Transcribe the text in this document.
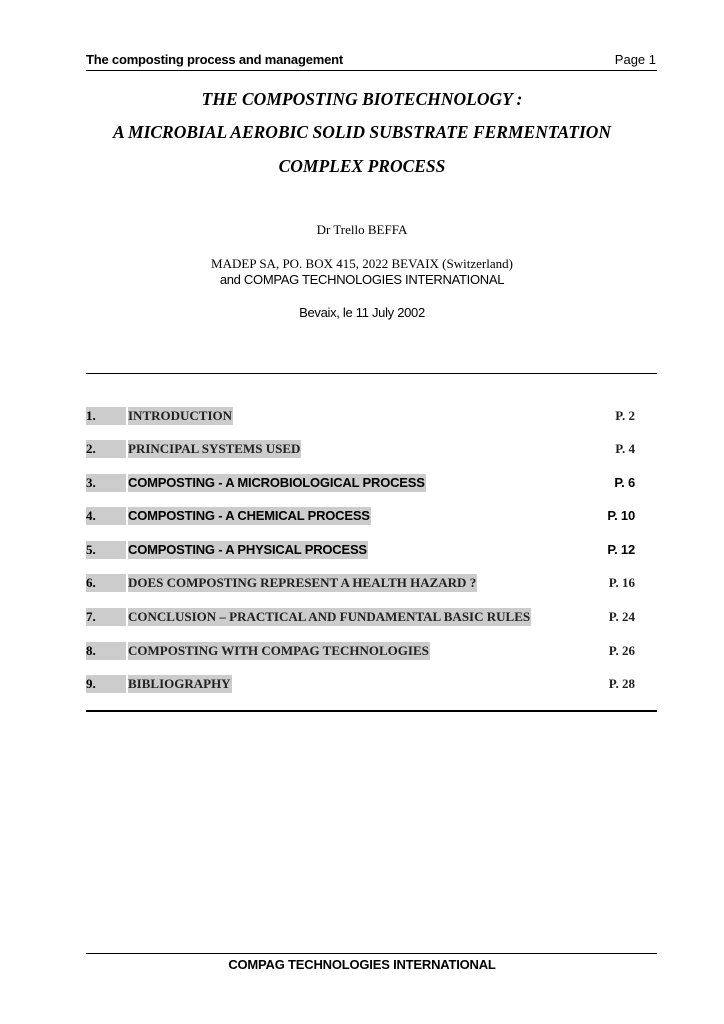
The composting process and management	Page 1
THE COMPOSTING BIOTECHNOLOGY :
A MICROBIAL AEROBIC SOLID SUBSTRATE FERMENTATION
COMPLEX PROCESS
Dr Trello BEFFA
MADEP SA, PO. BOX 415, 2022 BEVAIX (Switzerland)
and COMPAG TECHNOLOGIES INTERNATIONAL
Bevaix, le 11 July 2002
1.	INTRODUCTION	P. 2
2.	PRINCIPAL SYSTEMS USED	P. 4
3.	COMPOSTING - A MICROBIOLOGICAL PROCESS	P. 6
4.	COMPOSTING - A CHEMICAL PROCESS	P. 10
5.	COMPOSTING - A PHYSICAL PROCESS	P. 12
6.	DOES COMPOSTING REPRESENT A HEALTH HAZARD ?	P. 16
7.	CONCLUSION – PRACTICAL AND FUNDAMENTAL BASIC RULES	P. 24
8.	COMPOSTING WITH COMPAG TECHNOLOGIES	P. 26
9.	BIBLIOGRAPHY	P. 28
COMPAG TECHNOLOGIES INTERNATIONAL
